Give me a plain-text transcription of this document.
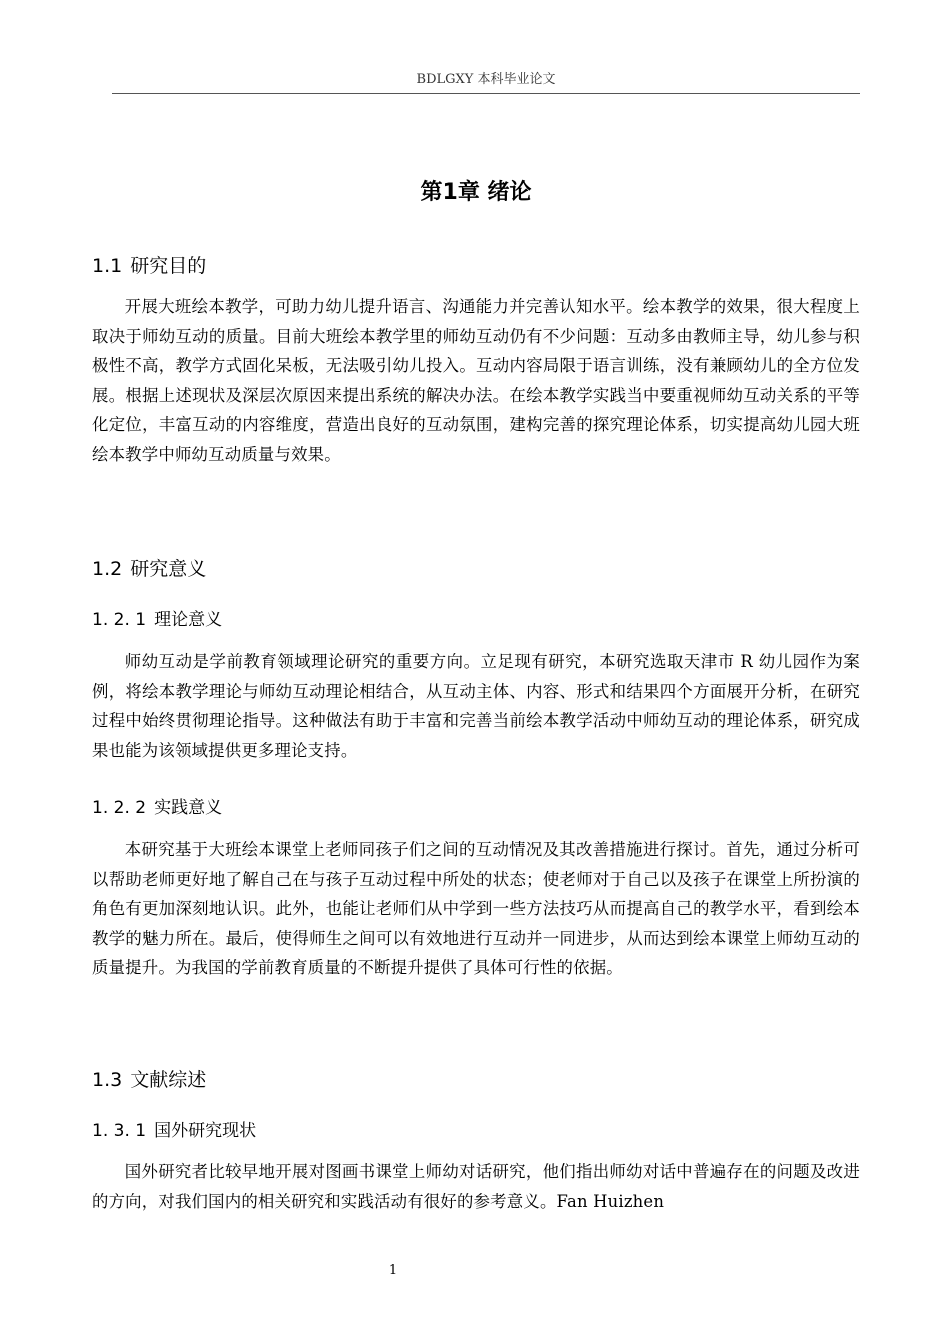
BDLGXY 本科毕业论文
第1章 绪论
1.1 研究目的

开展大班绘本教学，可助力幼儿提升语言、沟通能力并完善认知水平。绘本教学的效果，很大程度上取决于师幼互动的质量。目前大班绘本教学里的师幼互动仍有不少问题：互动多由教师主导，幼儿参与积极性不高，教学方式固化呆板，无法吸引幼儿投入。互动内容局限于语言训练，没有兼顾幼儿的全方位发展。根据上述现状及深层次原因来提出系统的解决办法。在绘本教学实践当中要重视师幼互动关系的平等化定位，丰富互动的内容维度，营造出良好的互动氛围，建构完善的探究理论体系，切实提高幼儿园大班绘本教学中师幼互动质量与效果。

1.2 研究意义
1. 2. 1 理论意义

师幼互动是学前教育领域理论研究的重要方向。立足现有研究，本研究选取天津市 R 幼儿园作为案例，将绘本教学理论与师幼互动理论相结合，从互动主体、内容、形式和结果四个方面展开分析，在研究过程中始终贯彻理论指导。这种做法有助于丰富和完善当前绘本教学活动中师幼互动的理论体系，研究成果也能为该领域提供更多理论支持。

1. 2. 2 实践意义

本研究基于大班绘本课堂上老师同孩子们之间的互动情况及其改善措施进行探讨。首先，通过分析可以帮助老师更好地了解自己在与孩子互动过程中所处的状态；使老师对于自己以及孩子在课堂上所扮演的角色有更加深刻地认识。此外，也能让老师们从中学到一些方法技巧从而提高自己的教学水平，看到绘本教学的魅力所在。最后，使得师生之间可以有效地进行互动并一同进步，从而达到绘本课堂上师幼互动的质量提升。为我国的学前教育质量的不断提升提供了具体可行性的依据。

1.3 文献综述
1. 3. 1 国外研究现状

国外研究者比较早地开展对图画书课堂上师幼对话研究，他们指出师幼对话中普遍存在的问题及改进的方向，对我们国内的相关研究和实践活动有很好的参考意义。Fan Huizhen

1
